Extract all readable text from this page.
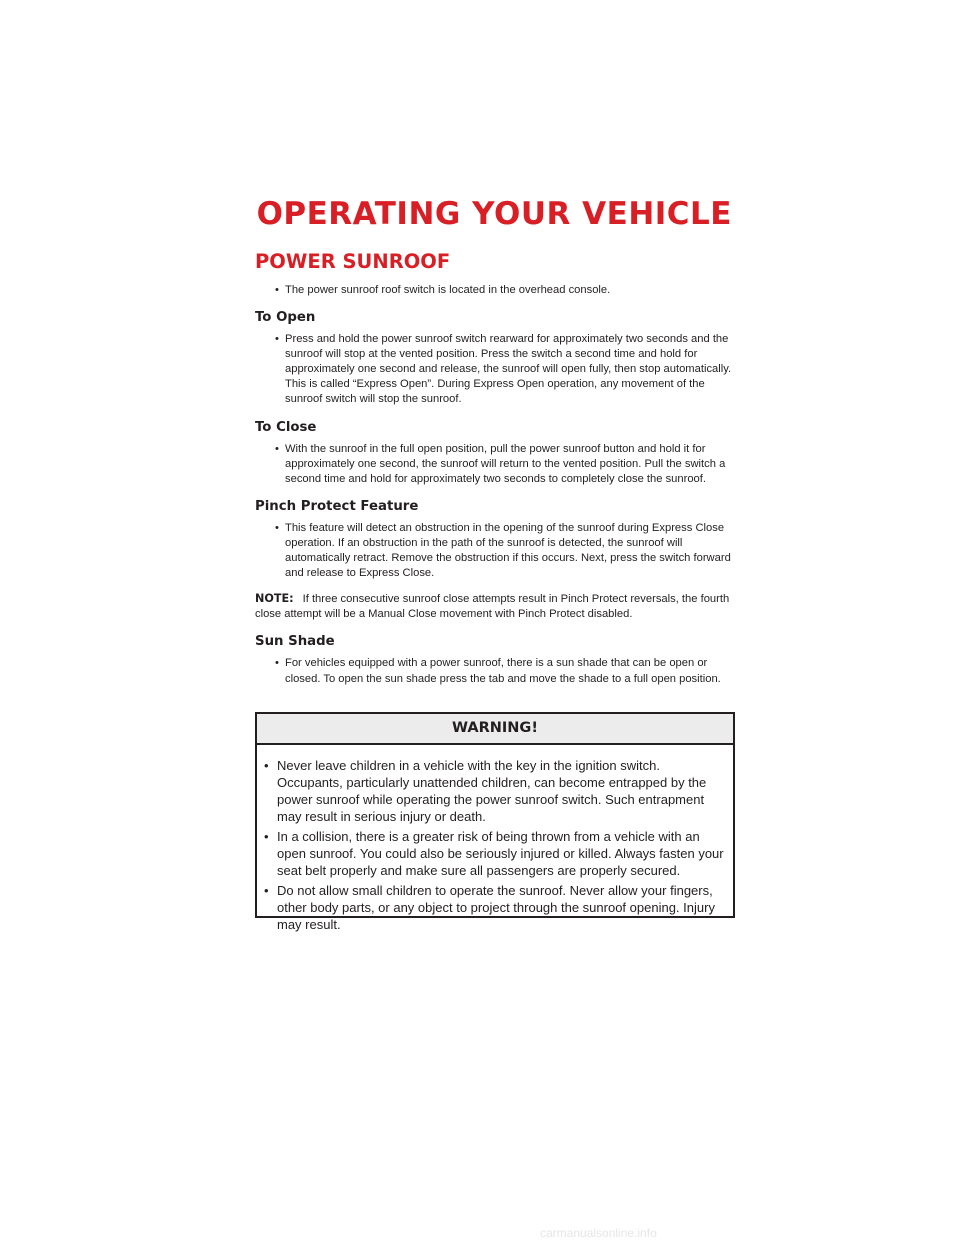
OPERATING YOUR VEHICLE
POWER SUNROOF
• The power sunroof roof switch is located in the overhead console.
To Open
• Press and hold the power sunroof switch rearward for approximately two seconds and the sunroof will stop at the vented position. Press the switch a second time and hold for approximately one second and release, the sunroof will open fully, then stop automatically. This is called “Express Open”. During Express Open operation, any movement of the sunroof switch will stop the sunroof.
To Close
• With the sunroof in the full open position, pull the power sunroof button and hold it for approximately one second, the sunroof will return to the vented position. Pull the switch a second time and hold for approximately two seconds to completely close the sunroof.
Pinch Protect Feature
• This feature will detect an obstruction in the opening of the sunroof during Express Close operation. If an obstruction in the path of the sunroof is detected, the sunroof will automatically retract. Remove the obstruction if this occurs. Next, press the switch forward and release to Express Close.

NOTE: If three consecutive sunroof close attempts result in Pinch Protect reversals, the fourth close attempt will be a Manual Close movement with Pinch Protect disabled.

Sun Shade
• For vehicles equipped with a power sunroof, there is a sun shade that can be open or closed. To open the sun shade press the tab and move the shade to a full open position.
WARNING!
• Never leave children in a vehicle with the key in the ignition switch. Occupants, particularly unattended children, can become entrapped by the power sunroof while operating the power sunroof switch. Such entrapment may result in serious injury or death.
• In a collision, there is a greater risk of being thrown from a vehicle with an open sunroof. You could also be seriously injured or killed. Always fasten your seat belt properly and make sure all passengers are properly secured.
• Do not allow small children to operate the sunroof. Never allow your fingers, other body parts, or any object to project through the sunroof opening. Injury may result.
carmanualsonline.info
